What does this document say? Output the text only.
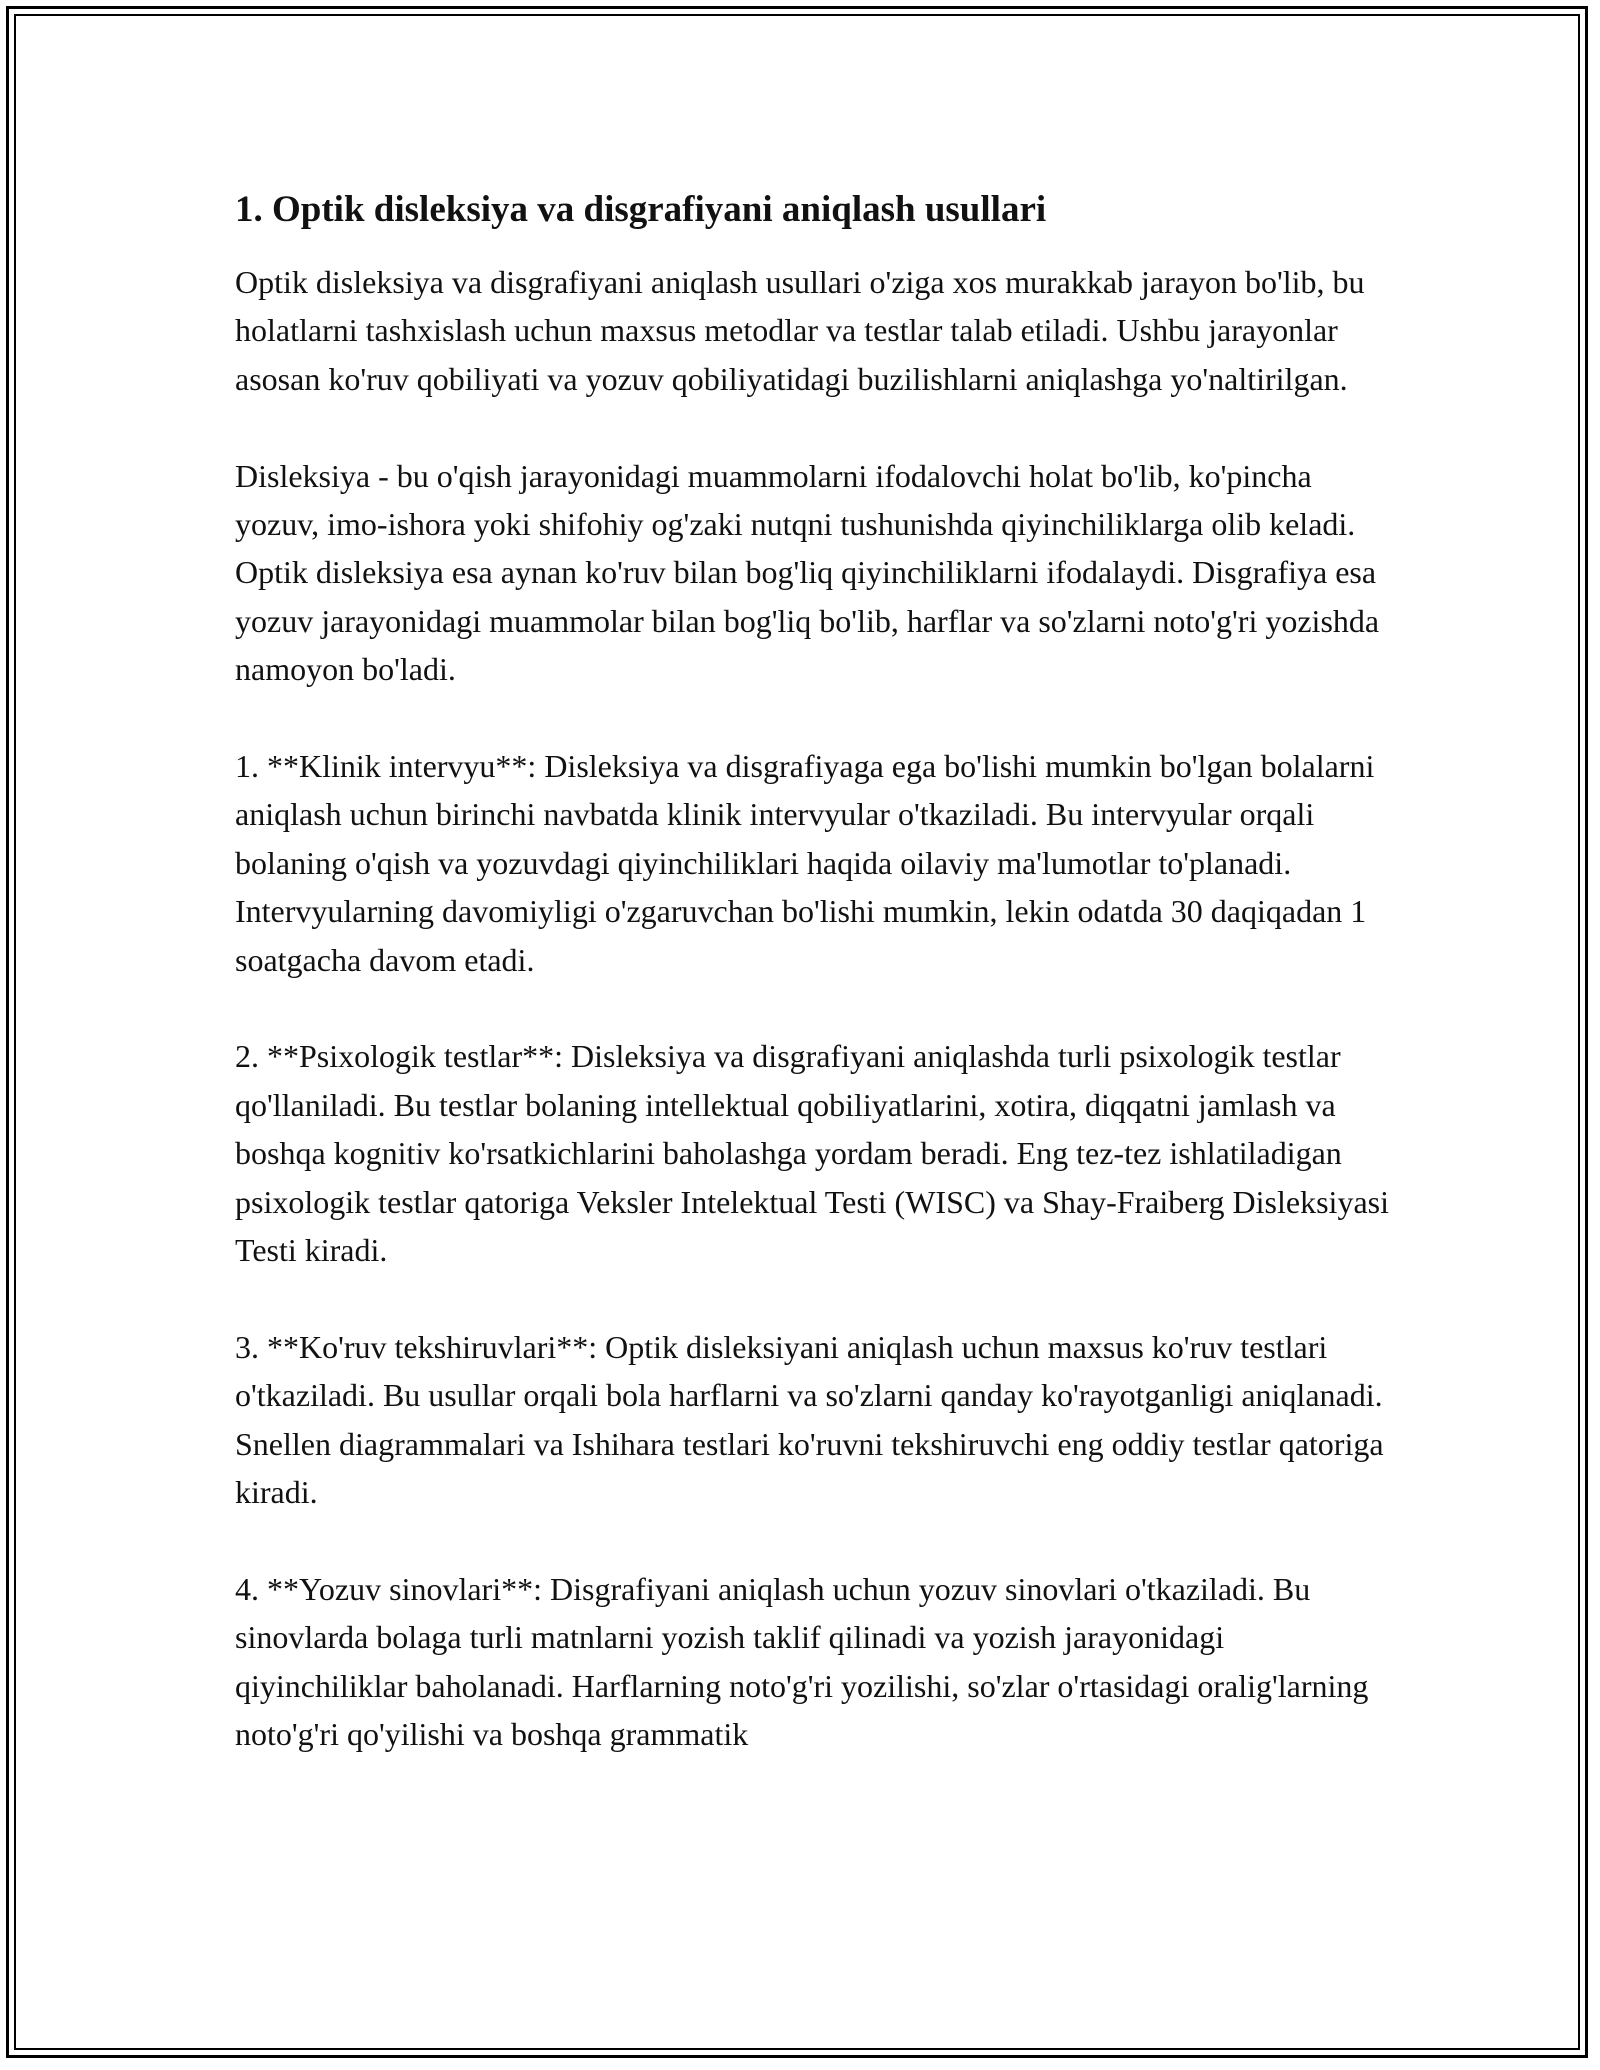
1. Optik disleksiya va disgrafiyani aniqlash usullari

Optik disleksiya va disgrafiyani aniqlash usullari o'ziga xos murakkab jarayon bo'lib, bu holatlarni tashxislash uchun maxsus metodlar va testlar talab etiladi. Ushbu jarayonlar asosan ko'ruv qobiliyati va yozuv qobiliyatidagi buzilishlarni aniqlashga yo'naltirilgan.

Disleksiya - bu o'qish jarayonidagi muammolarni ifodalovchi holat bo'lib, ko'pincha yozuv, imo-ishora yoki shifohiy og'zaki nutqni tushunishda qiyinchiliklarga olib keladi. Optik disleksiya esa aynan ko'ruv bilan bog'liq qiyinchiliklarni ifodalaydi. Disgrafiya esa yozuv jarayonidagi muammolar bilan bog'liq bo'lib, harflar va so'zlarni noto'g'ri yozishda namoyon bo'ladi.

1. **Klinik intervyu**: Disleksiya va disgrafiyaga ega bo'lishi mumkin bo'lgan bolalarni aniqlash uchun birinchi navbatda klinik intervyular o'tkaziladi. Bu intervyular orqali bolaning o'qish va yozuvdagi qiyinchiliklari haqida oilaviy ma'lumotlar to'planadi. Intervyularning davomiyligi o'zgaruvchan bo'lishi mumkin, lekin odatda 30 daqiqadan 1 soatgacha davom etadi.

2. **Psixologik testlar**: Disleksiya va disgrafiyani aniqlashda turli psixologik testlar qo'llaniladi. Bu testlar bolaning intellektual qobiliyatlarini, xotira, diqqatni jamlash va boshqa kognitiv ko'rsatkichlarini baholashga yordam beradi. Eng tez-tez ishlatiladigan psixologik testlar qatoriga Veksler Intelektual Testi (WISC) va Shay-Fraiberg Disleksiyasi Testi kiradi.

3. **Ko'ruv tekshiruvlari**: Optik disleksiyani aniqlash uchun maxsus ko'ruv testlari o'tkaziladi. Bu usullar orqali bola harflarni va so'zlarni qanday ko'rayotganligi aniqlanadi. Snellen diagrammalari va Ishihara testlari ko'ruvni tekshiruvchi eng oddiy testlar qatoriga kiradi.

4. **Yozuv sinovlari**: Disgrafiyani aniqlash uchun yozuv sinovlari o'tkaziladi. Bu sinovlarda bolaga turli matnlarni yozish taklif qilinadi va yozish jarayonidagi qiyinchiliklar baholanadi. Harflarning noto'g'ri yozilishi, so'zlar o'rtasidagi oralig'larning noto'g'ri qo'yilishi va boshqa grammatik
